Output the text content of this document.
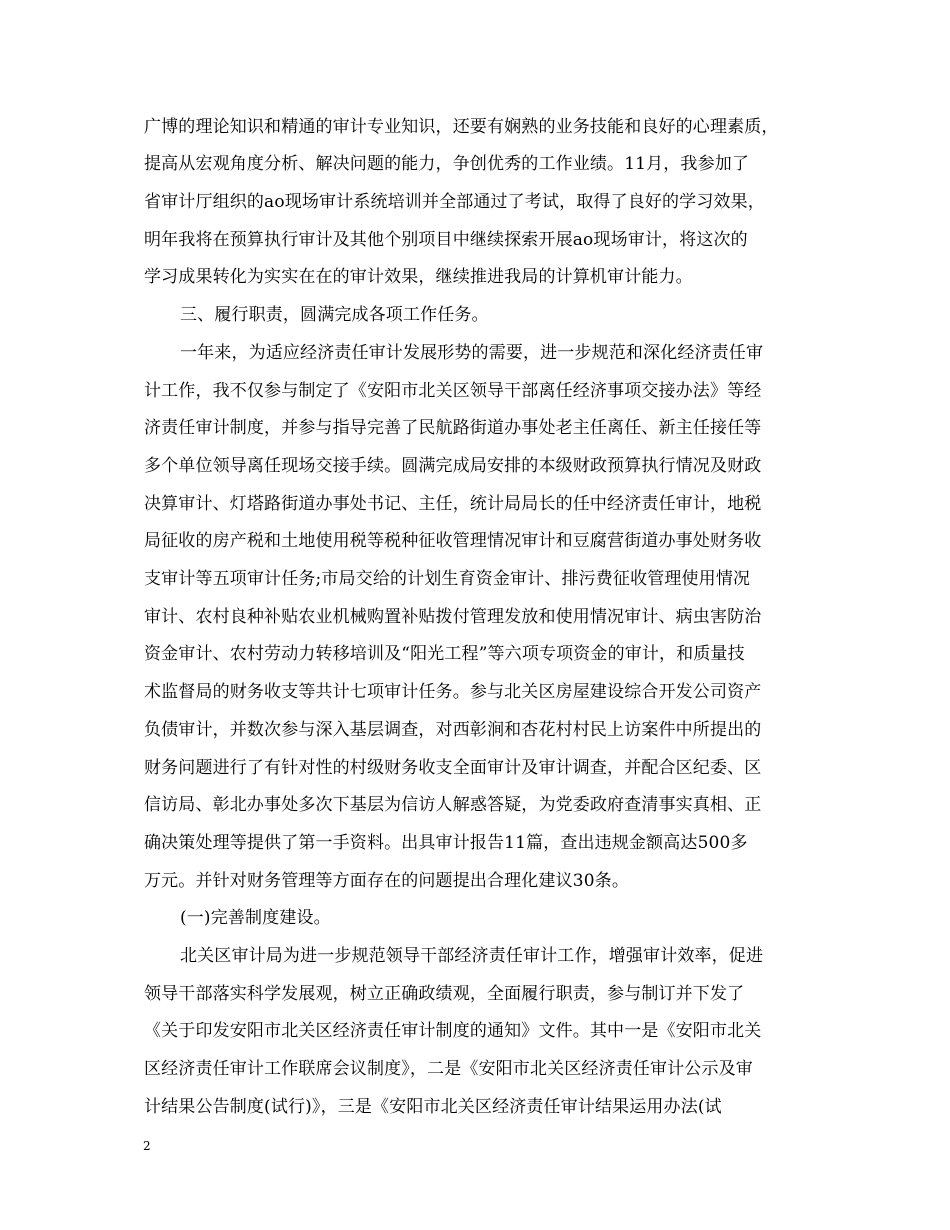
广博的理论知识和精通的审计专业知识，还要有娴熟的业务技能和良好的心理素质，
提高从宏观角度分析、解决问题的能力，争创优秀的工作业绩。11月，我参加了
省审计厅组织的ao现场审计系统培训并全部通过了考试，取得了良好的学习效果，
明年我将在预算执行审计及其他个别项目中继续探索开展ao现场审计，将这次的
学习成果转化为实实在在的审计效果，继续推进我局的计算机审计能力。
三、履行职责，圆满完成各项工作任务。
一年来，为适应经济责任审计发展形势的需要，进一步规范和深化经济责任审
计工作，我不仅参与制定了《安阳市北关区领导干部离任经济事项交接办法》等经
济责任审计制度，并参与指导完善了民航路街道办事处老主任离任、新主任接任等
多个单位领导离任现场交接手续。圆满完成局安排的本级财政预算执行情况及财政
决算审计、灯塔路街道办事处书记、主任，统计局局长的任中经济责任审计，地税
局征收的房产税和土地使用税等税种征收管理情况审计和豆腐营街道办事处财务收
支审计等五项审计任务;市局交给的计划生育资金审计、排污费征收管理使用情况
审计、农村良种补贴农业机械购置补贴拨付管理发放和使用情况审计、病虫害防治
资金审计、农村劳动力转移培训及“阳光工程”等六项专项资金的审计，和质量技
术监督局的财务收支等共计七项审计任务。参与北关区房屋建设综合开发公司资产
负债审计，并数次参与深入基层调查，对西彰涧和杏花村村民上访案件中所提出的
财务问题进行了有针对性的村级财务收支全面审计及审计调查，并配合区纪委、区
信访局、彰北办事处多次下基层为信访人解惑答疑，为党委政府查清事实真相、正
确决策处理等提供了第一手资料。出具审计报告11篇，查出违规金额高达500多
万元。并针对财务管理等方面存在的问题提出合理化建议30条。
(一)完善制度建设。
北关区审计局为进一步规范领导干部经济责任审计工作，增强审计效率，促进
领导干部落实科学发展观，树立正确政绩观，全面履行职责，参与制订并下发了
《关于印发安阳市北关区经济责任审计制度的通知》文件。其中一是《安阳市北关
区经济责任审计工作联席会议制度》，二是《安阳市北关区经济责任审计公示及审
计结果公告制度(试行)》，三是《安阳市北关区经济责任审计结果运用办法(试
2
